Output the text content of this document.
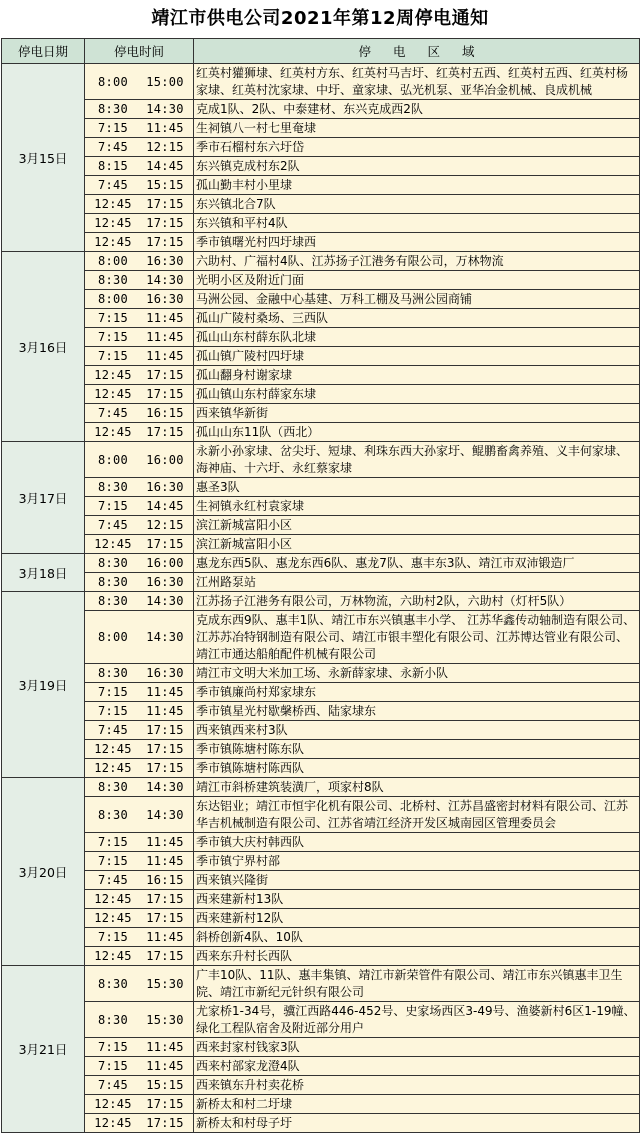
靖江市供电公司2021年第12周停电通知
停电日期	停电时间	停电区域
3月15日	8:00 15:00	红英村獾狮埭、红英村方东、红英村马吉圩、红英村五西、红英村五西、红英村杨家埭、红英村沈家埭、中圩、童家埭、弘光机泵、亚华冶金机械、良成机械
	8:30 14:30	克成1队、2队、中泰建材、东兴克成西2队
	7:15 11:45	生祠镇八一村七里奄埭
	7:45 12:15	季市石榴村东六圩岱
	8:15 14:45	东兴镇克成村东2队
	7:45 15:15	孤山勤丰村小里埭
	12:45 17:15	东兴镇北合7队
	12:45 17:15	东兴镇和平村4队
	12:45 17:15	季市镇曙光村四圩埭西
3月16日	8:00 16:30	六助村、广福村4队、江苏扬子江港务有限公司，万林物流
	8:30 14:30	光明小区及附近门面
	8:00 16:30	马洲公园、金融中心基建、万科工棚及马洲公园商铺
	7:15 11:45	孤山广陵村桑场、三西队
	7:15 11:45	孤山山东村薛东队北埭
	7:15 11:45	孤山镇广陵村四圩埭
	12:45 17:15	孤山翻身村谢家埭
	12:45 17:15	孤山镇山东村薛家东埭
	7:45 16:15	西来镇华新街
	12:45 17:15	孤山山东11队（西北）
3月17日	8:00 16:00	永新小孙家埭、岔尖圩、短埭、利珠东西大孙家圩、鲲鹏畜禽养殖、义丰何家埭、海神庙、十六圩、永红蔡家埭
	8:30 16:30	惠圣3队
	7:15 14:45	生祠镇永红村袁家埭
	7:45 12:15	滨江新城富阳小区
	12:45 17:15	滨江新城富阳小区
3月18日	8:30 16:00	惠龙东西5队、惠龙东西6队、惠龙7队、惠丰东3队、靖江市双沛锻造厂
	8:30 16:30	江州路泵站
3月19日	8:30 14:30	江苏扬子江港务有限公司，万林物流，六助村2队，六助村（灯杆5队）
	8:00 14:30	克成东西9队、惠丰1队、靖江市东兴镇惠丰小学、 江苏华鑫传动轴制造有限公司、江苏苏冶特钢制造有限公司、靖江市银丰塑化有限公司、江苏博达管业有限公司、靖江市通达船舶配件机械有限公司
	8:30 16:30	靖江市文明大米加工场、永新薛家埭、永新小队
	7:15 11:45	季市镇廉尚村郑家埭东
	7:15 11:45	季市镇星光村歇䅽桥西、陆家埭东
	7:45 17:15	西来镇西来村3队
	12:45 17:15	季市镇陈塘村陈东队
	12:45 17:15	季市镇陈塘村陈西队
3月20日	8:30 14:30	靖江市斜桥建筑装潢厂，项家村8队
	8:30 14:30	东达铝业；靖江市恒宇化机有限公司、北桥村、江苏昌盛密封材料有限公司、江苏华吉机械制造有限公司、江苏省靖江经济开发区城南园区管理委员会
	7:15 11:45	季市镇大庆村韩西队
	7:15 11:45	季市镇宁界村部
	7:45 16:15	西来镇兴隆街
	12:45 17:15	西来建新村13队
	12:45 17:15	西来建新村12队
	7:15 11:45	斜桥创新4队、10队
	12:45 17:15	西来东升村长西队
3月21日	8:30 15:30	广丰10队、11队、惠丰集镇、靖江市新荣管件有限公司、靖江市东兴镇惠丰卫生院、靖江市新纪元针织有限公司
	8:30 15:30	尤家桥1-34号，骥江西路446-452号、史家场西区3-49号、渔婆新村6区1-19幢、绿化工程队宿舍及附近部分用户
	7:15 11:45	西来封家村钱家3队
	7:15 11:45	西来村部家龙澄4队
	7:45 15:15	西来镇东升村卖花桥
	12:45 17:15	新桥太和村二圩埭
	12:45 17:15	新桥太和村母子圩
